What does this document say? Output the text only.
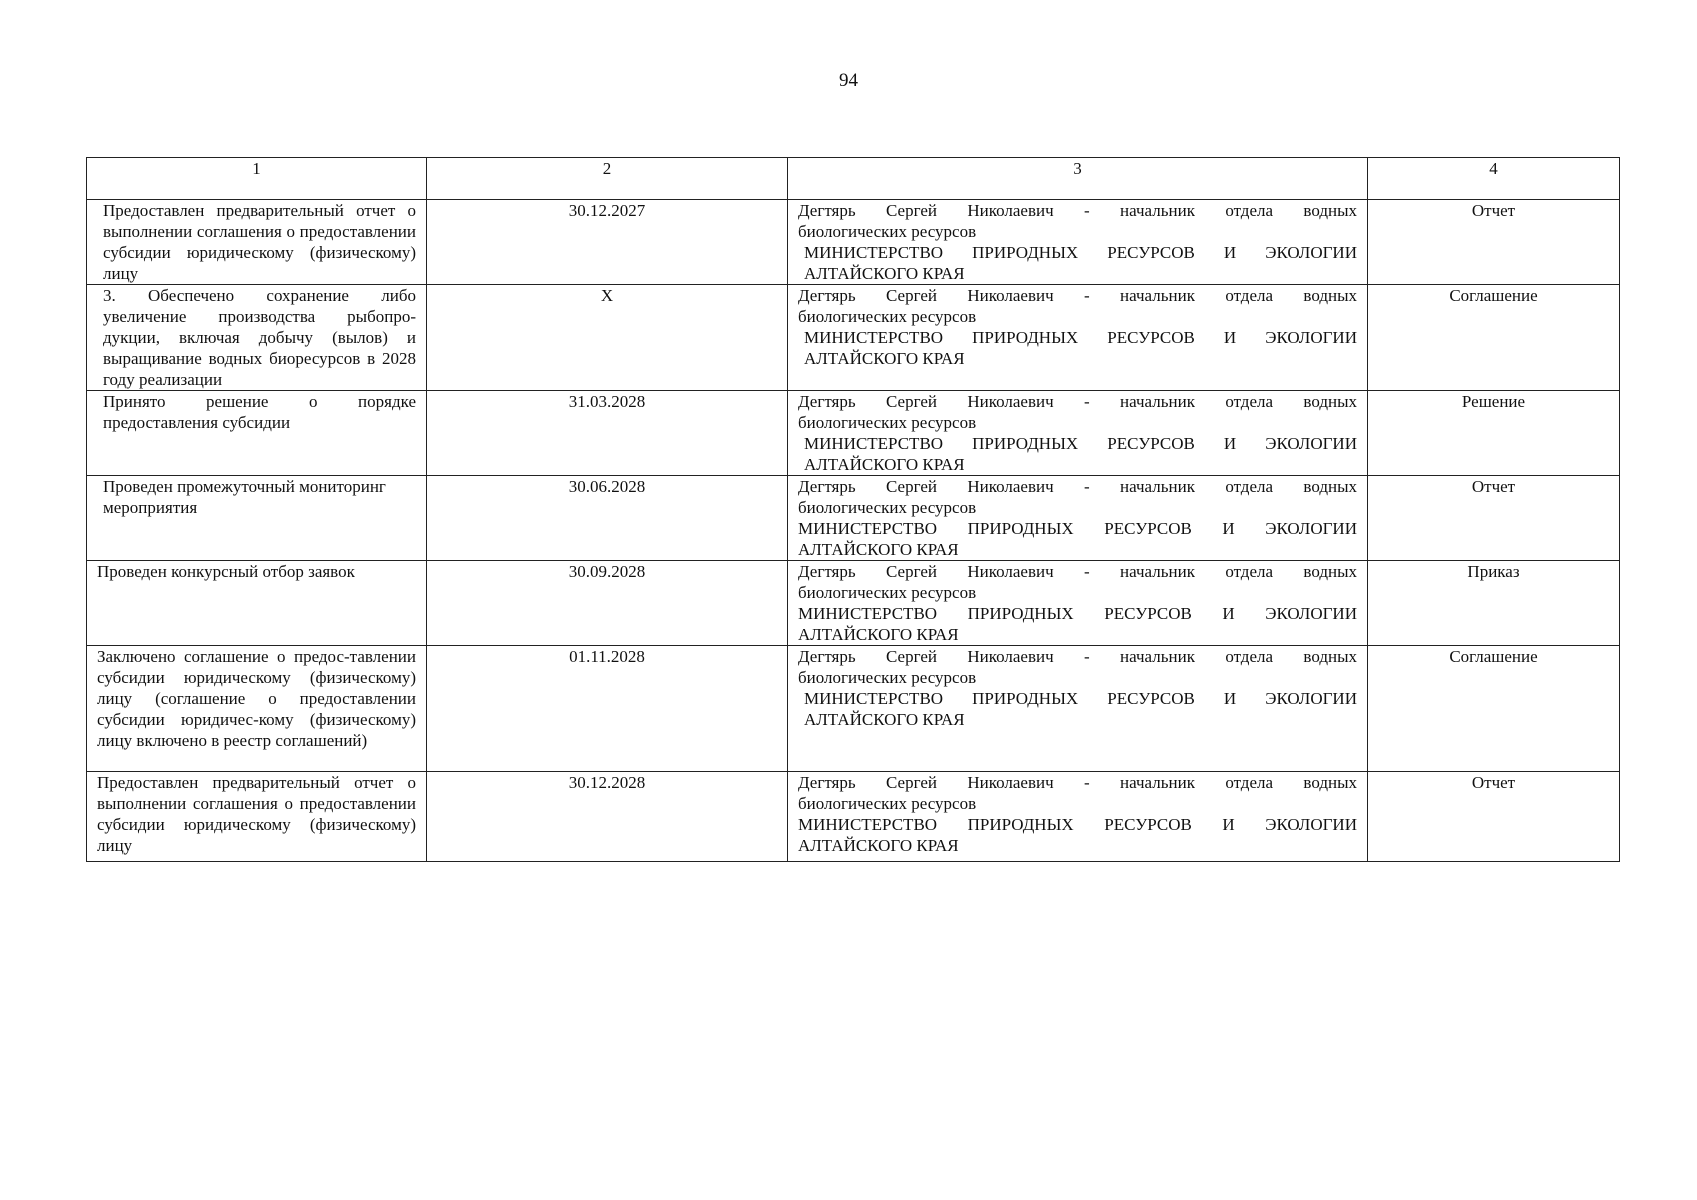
94
1	2	3	4
Предоставлен предварительный отчет о выполнении соглашения о предоставлении субсидии юридическому (физическому) лицу	30.12.2027	Дегтярь Сергей Николаевич - начальник отдела водных
биологических ресурсов
МИНИСТЕРСТВО ПРИРОДНЫХ РЕСУРСОВ И ЭКОЛОГИИ
АЛТАЙСКОГО КРАЯ	Отчет
3. Обеспечено сохранение либо увеличение производства рыбопро-дукции, включая добычу (вылов) и выращивание водных биоресурсов в 2028 году реализации	X	Дегтярь Сергей Николаевич - начальник отдела водных
биологических ресурсов
МИНИСТЕРСТВО ПРИРОДНЫХ РЕСУРСОВ И ЭКОЛОГИИ
АЛТАЙСКОГО КРАЯ	Соглашение
Принято решение о порядке предоставления субсидии	31.03.2028	Дегтярь Сергей Николаевич - начальник отдела водных
биологических ресурсов
МИНИСТЕРСТВО ПРИРОДНЫХ РЕСУРСОВ И ЭКОЛОГИИ
АЛТАЙСКОГО КРАЯ	Решение
Проведен промежуточный мониторинг мероприятия	30.06.2028	Дегтярь Сергей Николаевич - начальник отдела водных
биологических ресурсов
МИНИСТЕРСТВО ПРИРОДНЫХ РЕСУРСОВ И ЭКОЛОГИИ
АЛТАЙСКОГО КРАЯ	Отчет
Проведен конкурсный отбор заявок	30.09.2028	Дегтярь Сергей Николаевич - начальник отдела водных
биологических ресурсов
МИНИСТЕРСТВО ПРИРОДНЫХ РЕСУРСОВ И ЭКОЛОГИИ
АЛТАЙСКОГО КРАЯ	Приказ
Заключено соглашение о предос-тавлении субсидии юридическому (физическому) лицу (соглашение о предоставлении субсидии юридичес-кому (физическому) лицу включено в реестр соглашений)	01.11.2028	Дегтярь Сергей Николаевич - начальник отдела водных
биологических ресурсов
МИНИСТЕРСТВО ПРИРОДНЫХ РЕСУРСОВ И ЭКОЛОГИИ
АЛТАЙСКОГО КРАЯ	Соглашение
Предоставлен предварительный отчет о выполнении соглашения о предоставлении субсидии юридическому (физическому) лицу	30.12.2028	Дегтярь Сергей Николаевич - начальник отдела водных
биологических ресурсов
МИНИСТЕРСТВО ПРИРОДНЫХ РЕСУРСОВ И ЭКОЛОГИИ
АЛТАЙСКОГО КРАЯ	Отчет
